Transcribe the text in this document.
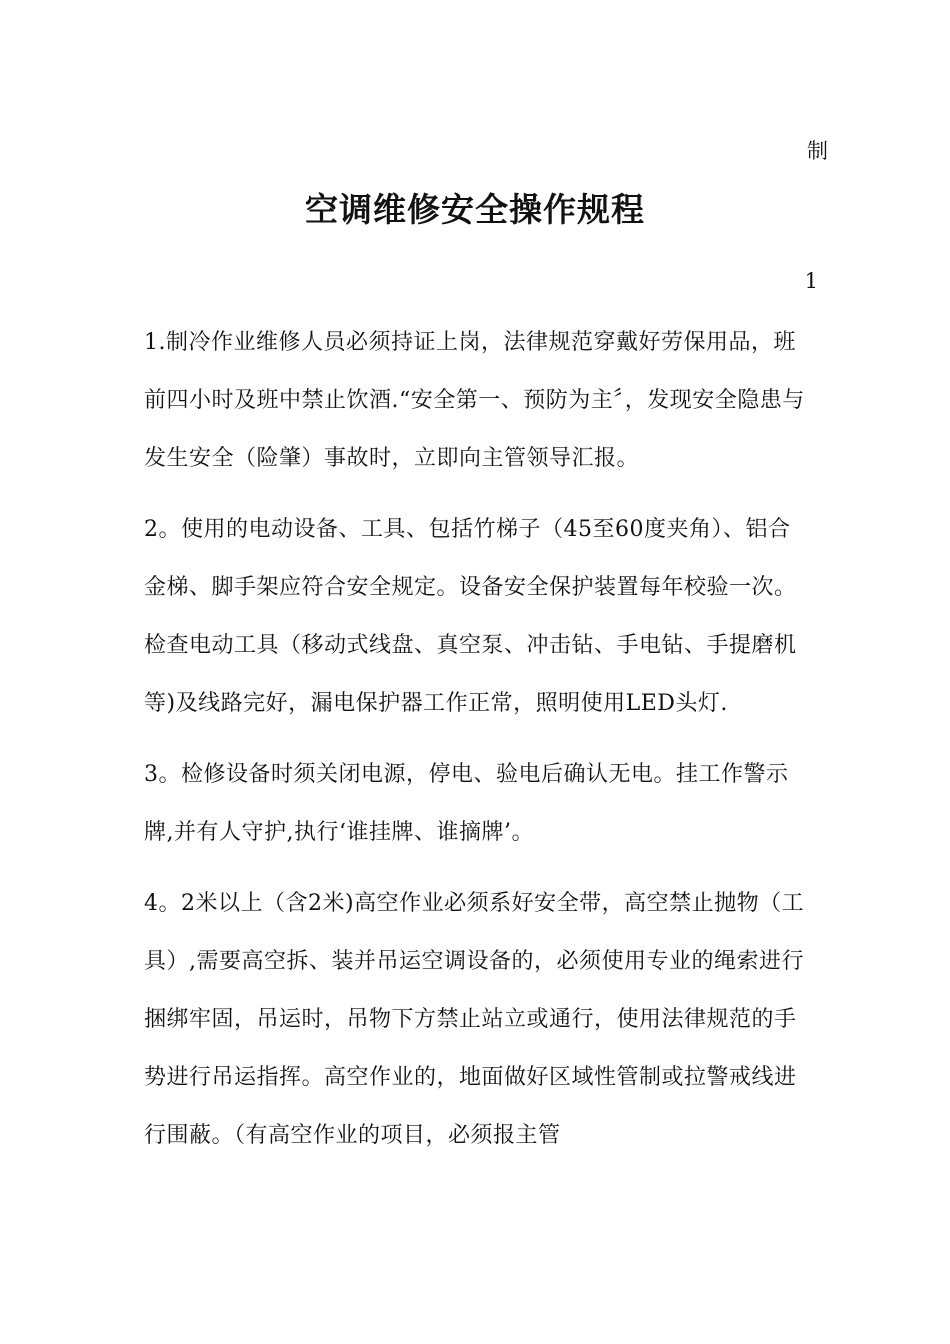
制
空调维修安全操作规程
1

1.制冷作业维修人员必须持证上岗，法律规范穿戴好劳保用品，班前四小时及班中禁止饮酒.“安全第一、预防为主〞，发现安全隐患与发生安全（险肇）事故时，立即向主管领导汇报。

2。使用的电动设备、工具、包括竹梯子（45至60度夹角）、铝合金梯、脚手架应符合安全规定。设备安全保护装置每年校验一次。检查电动工具（移动式线盘、真空泵、冲击钻、手电钻、手提磨机等)及线路完好，漏电保护器工作正常，照明使用LED头灯.

3。检修设备时须关闭电源，停电、验电后确认无电。挂工作警示牌,并有人守护,执行‘谁挂牌、谁摘牌’。

4。2米以上（含2米)高空作业必须系好安全带，高空禁止抛物（工具）,需要高空拆、装并吊运空调设备的，必须使用专业的绳索进行捆绑牢固，吊运时，吊物下方禁止站立或通行，使用法律规范的手势进行吊运指挥。高空作业的，地面做好区域性管制或拉警戒线进行围蔽。（有高空作业的项目，必须报主管
